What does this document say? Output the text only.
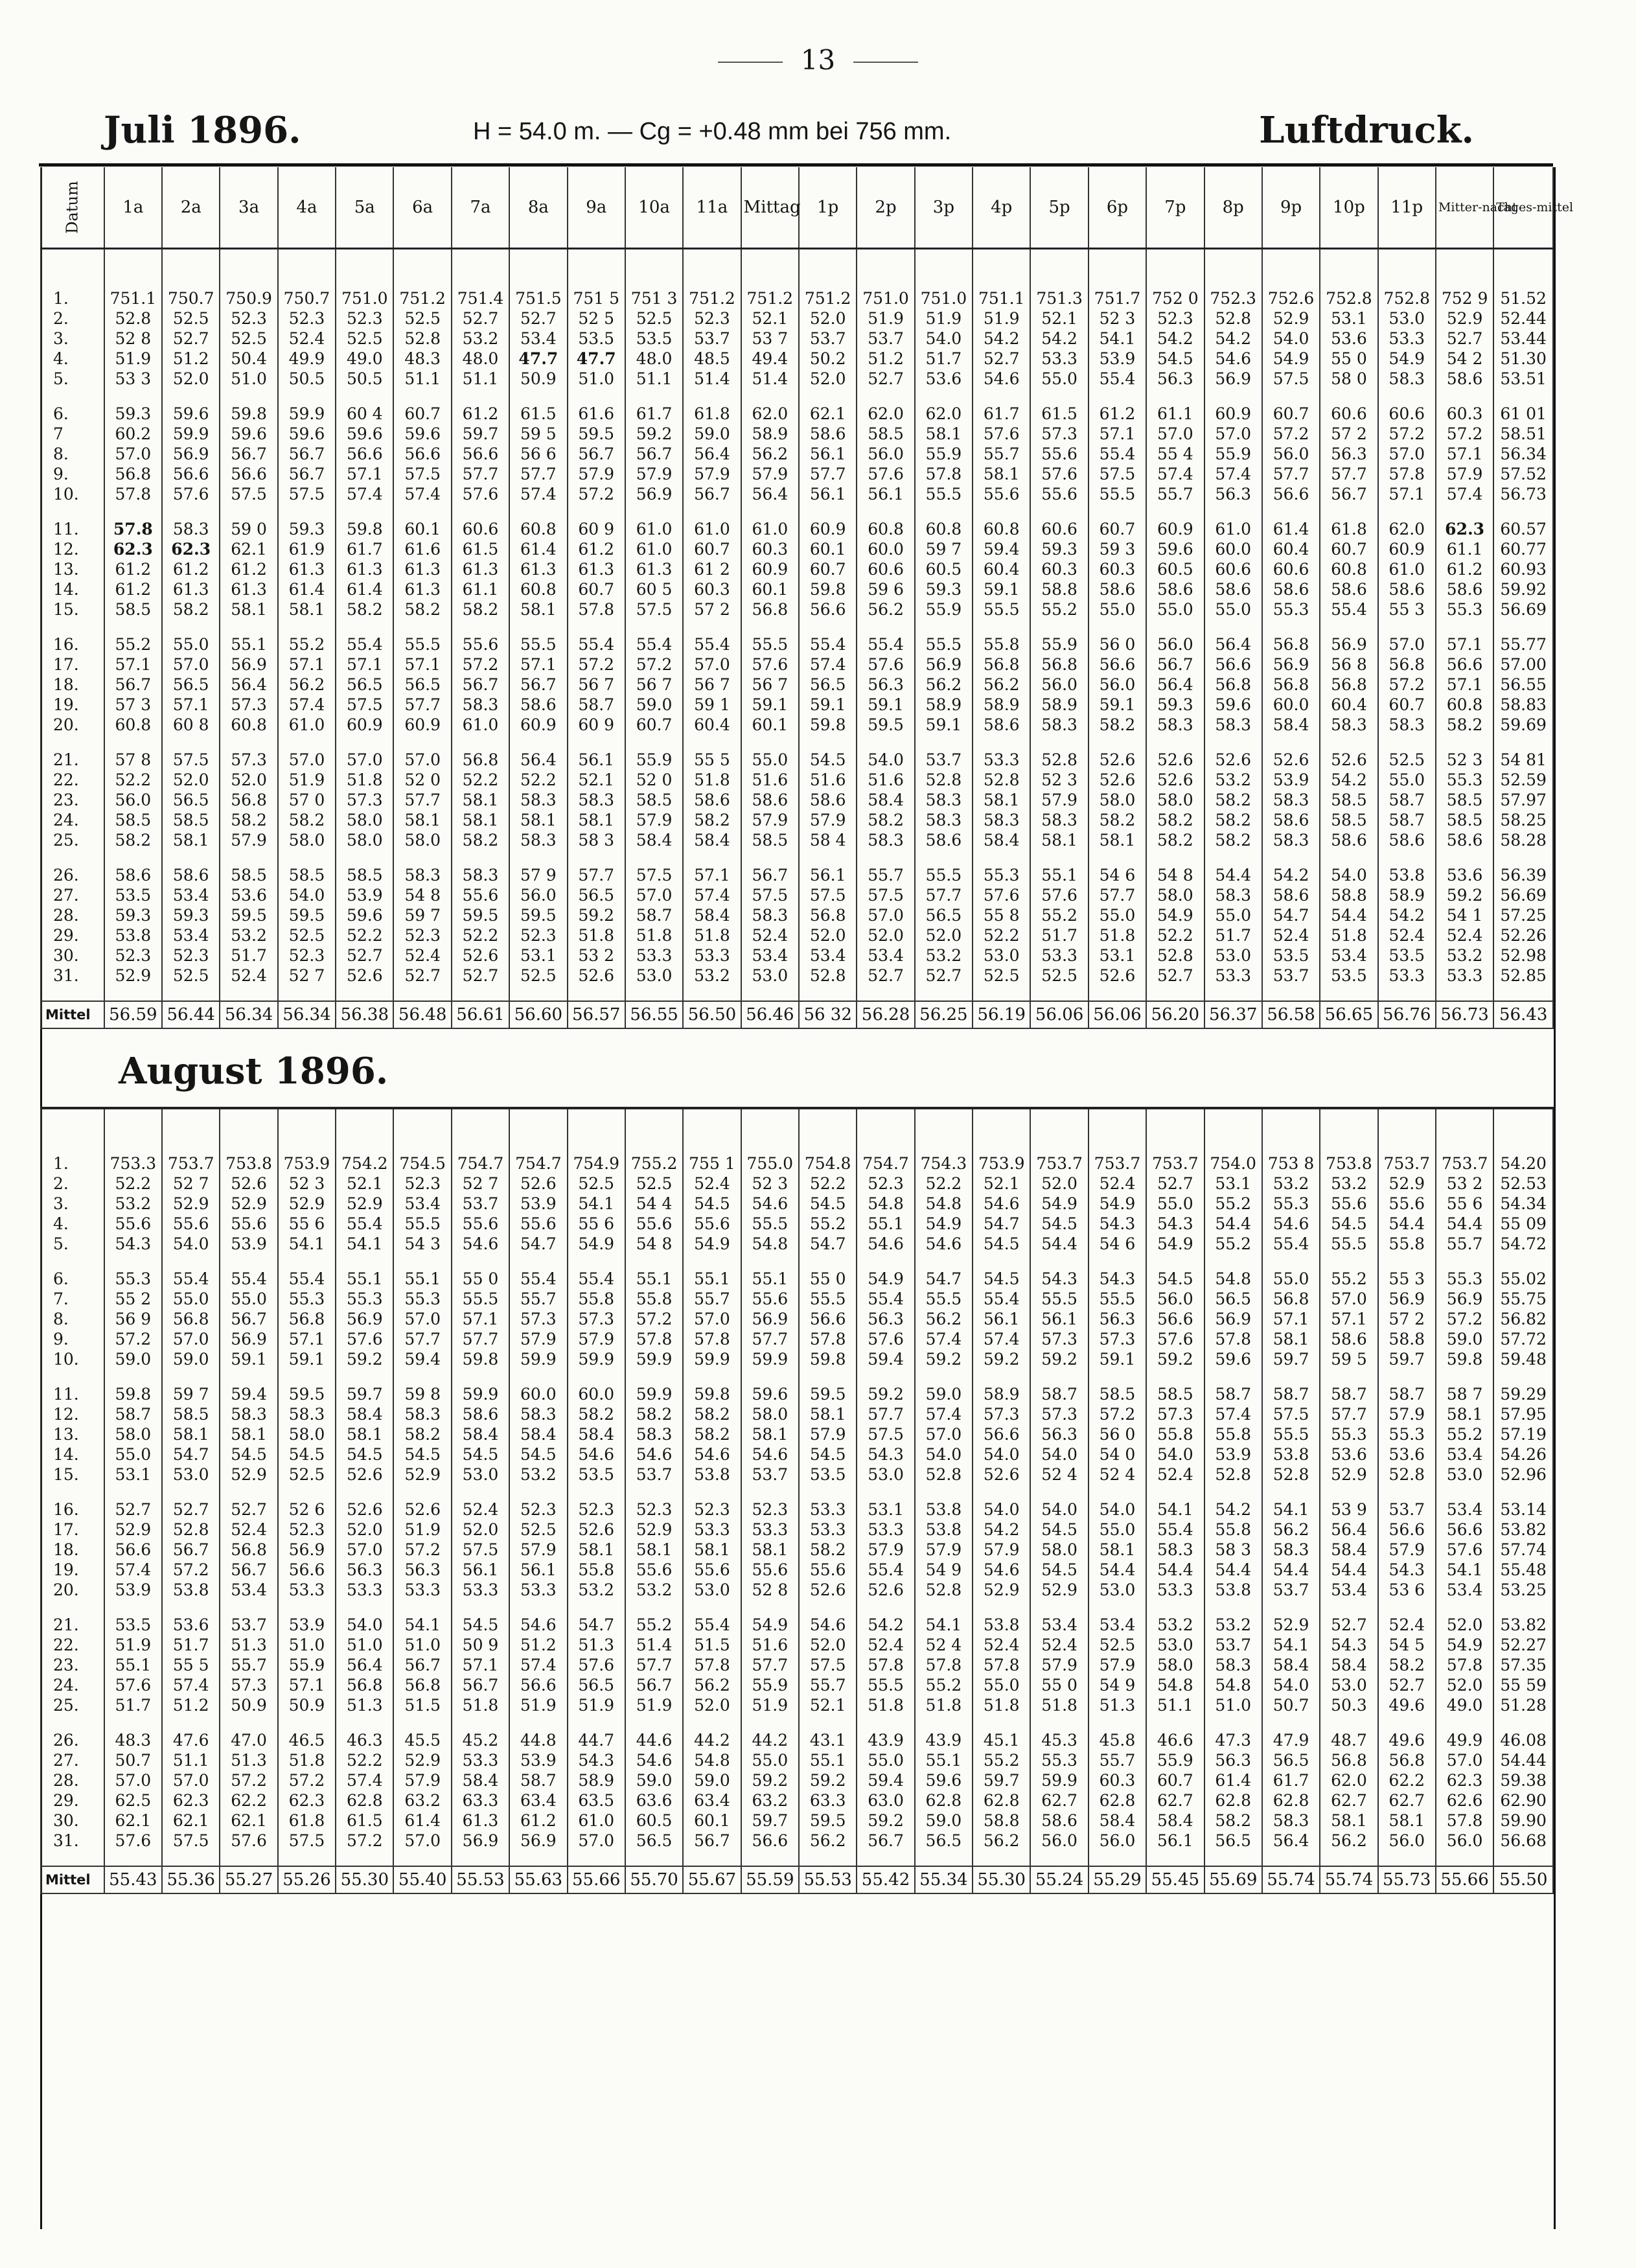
13
Juli 1896.	H = 54.0 m. — Cg = +0.48 mm bei 756 mm.	Luftdruck.
Datum	1a	2a	3a	4a	5a	6a	7a	8a	9a	10a	11a	Mittag	1p	2p	3p	4p	5p	6p	7p	8p	9p	10p	11p	Mitter-nacht	Tages-mittel

1.	751.1	750.7	750.9	750.7	751.0	751.2	751.4	751.5	751 5	751 3	751.2	751.2	751.2	751.0	751.0	751.1	751.3	751.7	752 0	752.3	752.6	752.8	752.8	752 9	51.52
2.	52.8	52.5	52.3	52.3	52.3	52.5	52.7	52.7	52 5	52.5	52.3	52.1	52.0	51.9	51.9	51.9	52.1	52 3	52.3	52.8	52.9	53.1	53.0	52.9	52.44
3.	52 8	52.7	52.5	52.4	52.5	52.8	53.2	53.4	53.5	53.5	53.7	53 7	53.7	53.7	54.0	54.2	54.2	54.1	54.2	54.2	54.0	53.6	53.3	52.7	53.44
4.	51.9	51.2	50.4	49.9	49.0	48.3	48.0	47.7	47.7	48.0	48.5	49.4	50.2	51.2	51.7	52.7	53.3	53.9	54.5	54.6	54.9	55 0	54.9	54 2	51.30
5.	53 3	52.0	51.0	50.5	50.5	51.1	51.1	50.9	51.0	51.1	51.4	51.4	52.0	52.7	53.6	54.6	55.0	55.4	56.3	56.9	57.5	58 0	58.3	58.6	53.51

6.	59.3	59.6	59.8	59.9	60 4	60.7	61.2	61.5	61.6	61.7	61.8	62.0	62.1	62.0	62.0	61.7	61.5	61.2	61.1	60.9	60.7	60.6	60.6	60.3	61 01
7	60.2	59.9	59.6	59.6	59.6	59.6	59.7	59 5	59.5	59.2	59.0	58.9	58.6	58.5	58.1	57.6	57.3	57.1	57.0	57.0	57.2	57 2	57.2	57.2	58.51
8.	57.0	56.9	56.7	56.7	56.6	56.6	56.6	56 6	56.7	56.7	56.4	56.2	56.1	56.0	55.9	55.7	55.6	55.4	55 4	55.9	56.0	56.3	57.0	57.1	56.34
9.	56.8	56.6	56.6	56.7	57.1	57.5	57.7	57.7	57.9	57.9	57.9	57.9	57.7	57.6	57.8	58.1	57.6	57.5	57.4	57.4	57.7	57.7	57.8	57.9	57.52
10.	57.8	57.6	57.5	57.5	57.4	57.4	57.6	57.4	57.2	56.9	56.7	56.4	56.1	56.1	55.5	55.6	55.6	55.5	55.7	56.3	56.6	56.7	57.1	57.4	56.73

11.	57.8	58.3	59 0	59.3	59.8	60.1	60.6	60.8	60 9	61.0	61.0	61.0	60.9	60.8	60.8	60.8	60.6	60.7	60.9	61.0	61.4	61.8	62.0	62.3	60.57
12.	62.3	62.3	62.1	61.9	61.7	61.6	61.5	61.4	61.2	61.0	60.7	60.3	60.1	60.0	59 7	59.4	59.3	59 3	59.6	60.0	60.4	60.7	60.9	61.1	60.77
13.	61.2	61.2	61.2	61.3	61.3	61.3	61.3	61.3	61.3	61.3	61 2	60.9	60.7	60.6	60.5	60.4	60.3	60.3	60.5	60.6	60.6	60.8	61.0	61.2	60.93
14.	61.2	61.3	61.3	61.4	61.4	61.3	61.1	60.8	60.7	60 5	60.3	60.1	59.8	59 6	59.3	59.1	58.8	58.6	58.6	58.6	58.6	58.6	58.6	58.6	59.92
15.	58.5	58.2	58.1	58.1	58.2	58.2	58.2	58.1	57.8	57.5	57 2	56.8	56.6	56.2	55.9	55.5	55.2	55.0	55.0	55.0	55.3	55.4	55 3	55.3	56.69

16.	55.2	55.0	55.1	55.2	55.4	55.5	55.6	55.5	55.4	55.4	55.4	55.5	55.4	55.4	55.5	55.8	55.9	56 0	56.0	56.4	56.8	56.9	57.0	57.1	55.77
17.	57.1	57.0	56.9	57.1	57.1	57.1	57.2	57.1	57.2	57.2	57.0	57.6	57.4	57.6	56.9	56.8	56.8	56.6	56.7	56.6	56.9	56 8	56.8	56.6	57.00
18.	56.7	56.5	56.4	56.2	56.5	56.5	56.7	56.7	56 7	56 7	56 7	56 7	56.5	56.3	56.2	56.2	56.0	56.0	56.4	56.8	56.8	56.8	57.2	57.1	56.55
19.	57 3	57.1	57.3	57.4	57.5	57.7	58.3	58.6	58.7	59.0	59 1	59.1	59.1	59.1	58.9	58.9	58.9	59.1	59.3	59.6	60.0	60.4	60.7	60.8	58.83
20.	60.8	60 8	60.8	61.0	60.9	60.9	61.0	60.9	60 9	60.7	60.4	60.1	59.8	59.5	59.1	58.6	58.3	58.2	58.3	58.3	58.4	58.3	58.3	58.2	59.69

21.	57 8	57.5	57.3	57.0	57.0	57.0	56.8	56.4	56.1	55.9	55 5	55.0	54.5	54.0	53.7	53.3	52.8	52.6	52.6	52.6	52.6	52.6	52.5	52 3	54 81
22.	52.2	52.0	52.0	51.9	51.8	52 0	52.2	52.2	52.1	52 0	51.8	51.6	51.6	51.6	52.8	52.8	52 3	52.6	52.6	53.2	53.9	54.2	55.0	55.3	52.59
23.	56.0	56.5	56.8	57 0	57.3	57.7	58.1	58.3	58.3	58.5	58.6	58.6	58.6	58.4	58.3	58.1	57.9	58.0	58.0	58.2	58.3	58.5	58.7	58.5	57.97
24.	58.5	58.5	58.2	58.2	58.0	58.1	58.1	58.1	58.1	57.9	58.2	57.9	57.9	58.2	58.3	58.3	58.3	58.2	58.2	58.2	58.6	58.5	58.7	58.5	58.25
25.	58.2	58.1	57.9	58.0	58.0	58.0	58.2	58.3	58 3	58.4	58.4	58.5	58 4	58.3	58.6	58.4	58.1	58.1	58.2	58.2	58.3	58.6	58.6	58.6	58.28

26.	58.6	58.6	58.5	58.5	58.5	58.3	58.3	57 9	57.7	57.5	57.1	56.7	56.1	55.7	55.5	55.3	55.1	54 6	54 8	54.4	54.2	54.0	53.8	53.6	56.39
27.	53.5	53.4	53.6	54.0	53.9	54 8	55.6	56.0	56.5	57.0	57.4	57.5	57.5	57.5	57.7	57.6	57.6	57.7	58.0	58.3	58.6	58.8	58.9	59.2	56.69
28.	59.3	59.3	59.5	59.5	59.6	59 7	59.5	59.5	59.2	58.7	58.4	58.3	56.8	57.0	56.5	55 8	55.2	55.0	54.9	55.0	54.7	54.4	54.2	54 1	57.25
29.	53.8	53.4	53.2	52.5	52.2	52.3	52.2	52.3	51.8	51.8	51.8	52.4	52.0	52.0	52.0	52.2	51.7	51.8	52.2	51.7	52.4	51.8	52.4	52.4	52.26
30.	52.3	52.3	51.7	52.3	52.7	52.4	52.6	53.1	53 2	53.3	53.3	53.4	53.4	53.4	53.2	53.0	53.3	53.1	52.8	53.0	53.5	53.4	53.5	53.2	52.98
31.	52.9	52.5	52.4	52 7	52.6	52.7	52.7	52.5	52.6	53.0	53.2	53.0	52.8	52.7	52.7	52.5	52.5	52.6	52.7	53.3	53.7	53.5	53.3	53.3	52.85

Mittel	56.59	56.44	56.34	56.34	56.38	56.48	56.61	56.60	56.57	56.55	56.50	56.46	56 32	56.28	56.25	56.19	56.06	56.06	56.20	56.37	56.58	56.65	56.76	56.73	56.43
August 1896.																									

1.	753.3	753.7	753.8	753.9	754.2	754.5	754.7	754.7	754.9	755.2	755 1	755.0	754.8	754.7	754.3	753.9	753.7	753.7	753.7	754.0	753 8	753.8	753.7	753.7	54.20
2.	52.2	52 7	52.6	52 3	52.1	52.3	52 7	52.6	52.5	52.5	52.4	52 3	52.2	52.3	52.2	52.1	52.0	52.4	52.7	53.1	53.2	53.2	52.9	53 2	52.53
3.	53.2	52.9	52.9	52.9	52.9	53.4	53.7	53.9	54.1	54 4	54.5	54.6	54.5	54.8	54.8	54.6	54.9	54.9	55.0	55.2	55.3	55.6	55.6	55 6	54.34
4.	55.6	55.6	55.6	55 6	55.4	55.5	55.6	55.6	55 6	55.6	55.6	55.5	55.2	55.1	54.9	54.7	54.5	54.3	54.3	54.4	54.6	54.5	54.4	54.4	55 09
5.	54.3	54.0	53.9	54.1	54.1	54 3	54.6	54.7	54.9	54 8	54.9	54.8	54.7	54.6	54.6	54.5	54.4	54 6	54.9	55.2	55.4	55.5	55.8	55.7	54.72

6.	55.3	55.4	55.4	55.4	55.1	55.1	55 0	55.4	55.4	55.1	55.1	55.1	55 0	54.9	54.7	54.5	54.3	54.3	54.5	54.8	55.0	55.2	55 3	55.3	55.02
7.	55 2	55.0	55.0	55.3	55.3	55.3	55.5	55.7	55.8	55.8	55.7	55.6	55.5	55.4	55.5	55.4	55.5	55.5	56.0	56.5	56.8	57.0	56.9	56.9	55.75
8.	56 9	56.8	56.7	56.8	56.9	57.0	57.1	57.3	57.3	57.2	57.0	56.9	56.6	56.3	56.2	56.1	56.1	56.3	56.6	56.9	57.1	57.1	57 2	57.2	56.82
9.	57.2	57.0	56.9	57.1	57.6	57.7	57.7	57.9	57.9	57.8	57.8	57.7	57.8	57.6	57.4	57.4	57.3	57.3	57.6	57.8	58.1	58.6	58.8	59.0	57.72
10.	59.0	59.0	59.1	59.1	59.2	59.4	59.8	59.9	59.9	59.9	59.9	59.9	59.8	59.4	59.2	59.2	59.2	59.1	59.2	59.6	59.7	59 5	59.7	59.8	59.48

11.	59.8	59 7	59.4	59.5	59.7	59 8	59.9	60.0	60.0	59.9	59.8	59.6	59.5	59.2	59.0	58.9	58.7	58.5	58.5	58.7	58.7	58.7	58.7	58 7	59.29
12.	58.7	58.5	58.3	58.3	58.4	58.3	58.6	58.3	58.2	58.2	58.2	58.0	58.1	57.7	57.4	57.3	57.3	57.2	57.3	57.4	57.5	57.7	57.9	58.1	57.95
13.	58.0	58.1	58.1	58.0	58.1	58.2	58.4	58.4	58.4	58.3	58.2	58.1	57.9	57.5	57.0	56.6	56.3	56 0	55.8	55.8	55.5	55.3	55.3	55.2	57.19
14.	55.0	54.7	54.5	54.5	54.5	54.5	54.5	54.5	54.6	54.6	54.6	54.6	54.5	54.3	54.0	54.0	54.0	54 0	54.0	53.9	53.8	53.6	53.6	53.4	54.26
15.	53.1	53.0	52.9	52.5	52.6	52.9	53.0	53.2	53.5	53.7	53.8	53.7	53.5	53.0	52.8	52.6	52 4	52 4	52.4	52.8	52.8	52.9	52.8	53.0	52.96

16.	52.7	52.7	52.7	52 6	52.6	52.6	52.4	52.3	52.3	52.3	52.3	52.3	53.3	53.1	53.8	54.0	54.0	54.0	54.1	54.2	54.1	53 9	53.7	53.4	53.14
17.	52.9	52.8	52.4	52.3	52.0	51.9	52.0	52.5	52.6	52.9	53.3	53.3	53.3	53.3	53.8	54.2	54.5	55.0	55.4	55.8	56.2	56.4	56.6	56.6	53.82
18.	56.6	56.7	56.8	56.9	57.0	57.2	57.5	57.9	58.1	58.1	58.1	58.1	58.2	57.9	57.9	57.9	58.0	58.1	58.3	58 3	58.3	58.4	57.9	57.6	57.74
19.	57.4	57.2	56.7	56.6	56.3	56.3	56.1	56.1	55.8	55.6	55.6	55.6	55.6	55.4	54 9	54.6	54.5	54.4	54.4	54.4	54.4	54.4	54.3	54.1	55.48
20.	53.9	53.8	53.4	53.3	53.3	53.3	53.3	53.3	53.2	53.2	53.0	52 8	52.6	52.6	52.8	52.9	52.9	53.0	53.3	53.8	53.7	53.4	53 6	53.4	53.25

21.	53.5	53.6	53.7	53.9	54.0	54.1	54.5	54.6	54.7	55.2	55.4	54.9	54.6	54.2	54.1	53.8	53.4	53.4	53.2	53.2	52.9	52.7	52.4	52.0	53.82
22.	51.9	51.7	51.3	51.0	51.0	51.0	50 9	51.2	51.3	51.4	51.5	51.6	52.0	52.4	52 4	52.4	52.4	52.5	53.0	53.7	54.1	54.3	54 5	54.9	52.27
23.	55.1	55 5	55.7	55.9	56.4	56.7	57.1	57.4	57.6	57.7	57.8	57.7	57.5	57.8	57.8	57.8	57.9	57.9	58.0	58.3	58.4	58.4	58.2	57.8	57.35
24.	57.6	57.4	57.3	57.1	56.8	56.8	56.7	56.6	56.5	56.7	56.2	55.9	55.7	55.5	55.2	55.0	55 0	54 9	54.8	54.8	54.0	53.0	52.7	52.0	55 59
25.	51.7	51.2	50.9	50.9	51.3	51.5	51.8	51.9	51.9	51.9	52.0	51.9	52.1	51.8	51.8	51.8	51.8	51.3	51.1	51.0	50.7	50.3	49.6	49.0	51.28

26.	48.3	47.6	47.0	46.5	46.3	45.5	45.2	44.8	44.7	44.6	44.2	44.2	43.1	43.9	43.9	45.1	45.3	45.8	46.6	47.3	47.9	48.7	49.6	49.9	46.08
27.	50.7	51.1	51.3	51.8	52.2	52.9	53.3	53.9	54.3	54.6	54.8	55.0	55.1	55.0	55.1	55.2	55.3	55.7	55.9	56.3	56.5	56.8	56.8	57.0	54.44
28.	57.0	57.0	57.2	57.2	57.4	57.9	58.4	58.7	58.9	59.0	59.0	59.2	59.2	59.4	59.6	59.7	59.9	60.3	60.7	61.4	61.7	62.0	62.2	62.3	59.38
29.	62.5	62.3	62.2	62.3	62.8	63.2	63.3	63.4	63.5	63.6	63.4	63.2	63.3	63.0	62.8	62.8	62.7	62.8	62.7	62.8	62.8	62.7	62.7	62.6	62.90
30.	62.1	62.1	62.1	61.8	61.5	61.4	61.3	61.2	61.0	60.5	60.1	59.7	59.5	59.2	59.0	58.8	58.6	58.4	58.4	58.2	58.3	58.1	58.1	57.8	59.90
31.	57.6	57.5	57.6	57.5	57.2	57.0	56.9	56.9	57.0	56.5	56.7	56.6	56.2	56.7	56.5	56.2	56.0	56.0	56.1	56.5	56.4	56.2	56.0	56.0	56.68

Mittel	55.43	55.36	55.27	55.26	55.30	55.40	55.53	55.63	55.66	55.70	55.67	55.59	55.53	55.42	55.34	55.30	55.24	55.29	55.45	55.69	55.74	55.74	55.73	55.66	55.50
